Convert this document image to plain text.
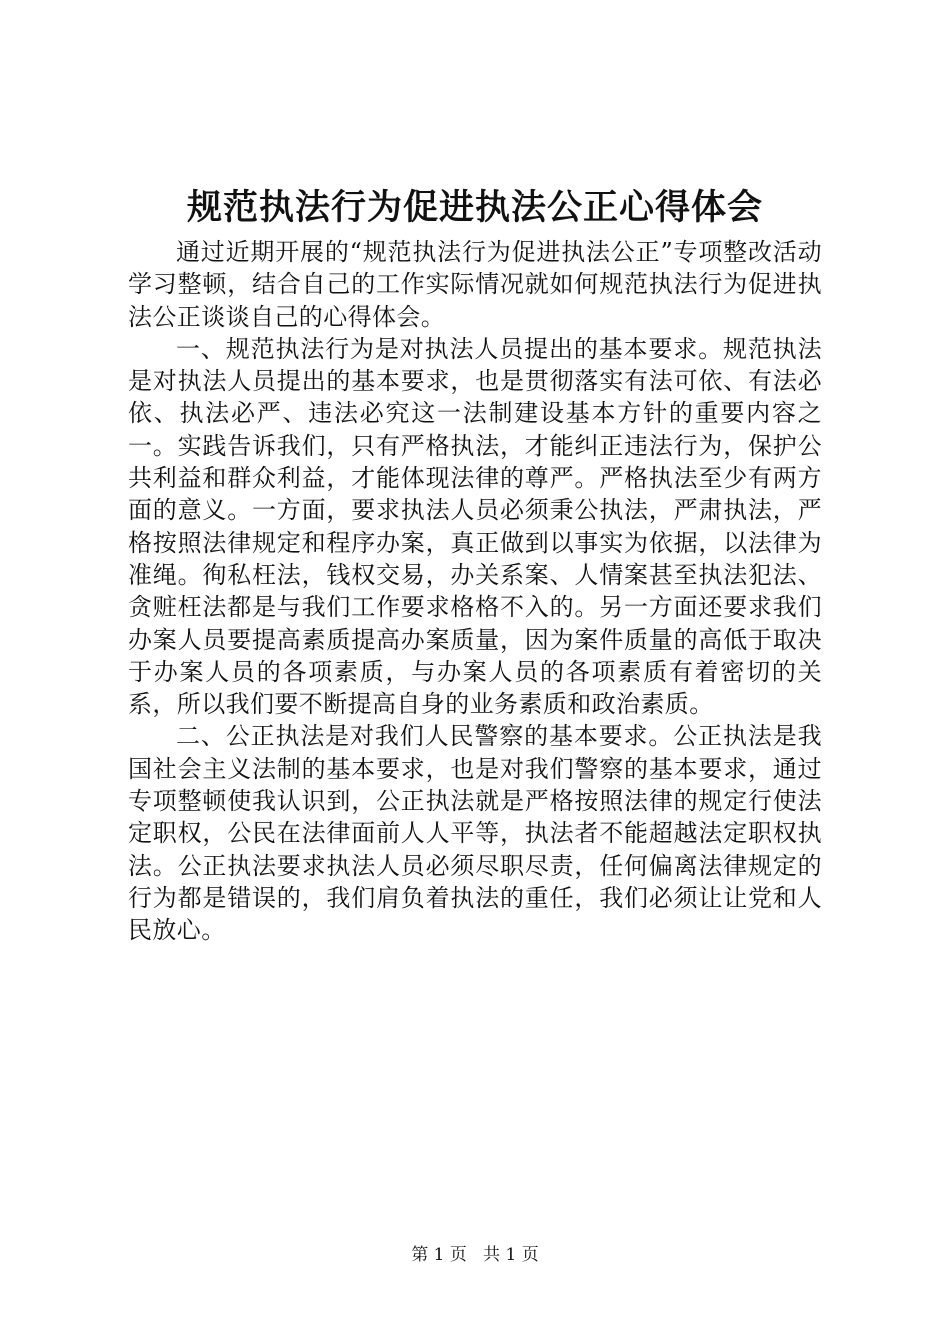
规范执法行为促进执法公正心得体会

通过近期开展的“规范执法行为促进执法公正”专项整改活动学习整顿，结合自己的工作实际情况就如何规范执法行为促进执法公正谈谈自己的心得体会。

一、规范执法行为是对执法人员提出的基本要求。规范执法是对执法人员提出的基本要求，也是贯彻落实有法可依、有法必依、执法必严、违法必究这一法制建设基本方针的重要内容之一。实践告诉我们，只有严格执法，才能纠正违法行为，保护公共利益和群众利益，才能体现法律的尊严。严格执法至少有两方面的意义。一方面，要求执法人员必须秉公执法，严肃执法，严格按照法律规定和程序办案，真正做到以事实为依据，以法律为准绳。徇私枉法，钱权交易，办关系案、人情案甚至执法犯法、贪赃枉法都是与我们工作要求格格不入的。另一方面还要求我们办案人员要提高素质提高办案质量，因为案件质量的高低于取决于办案人员的各项素质，与办案人员的各项素质有着密切的关系，所以我们要不断提高自身的业务素质和政治素质。

二、公正执法是对我们人民警察的基本要求。公正执法是我国社会主义法制的基本要求，也是对我们警察的基本要求，通过专项整顿使我认识到，公正执法就是严格按照法律的规定行使法定职权，公民在法律面前人人平等，执法者不能超越法定职权执法。公正执法要求执法人员必须尽职尽责，任何偏离法律规定的行为都是错误的，我们肩负着执法的重任，我们必须让让党和人民放心。

第 1 页   共 1 页
